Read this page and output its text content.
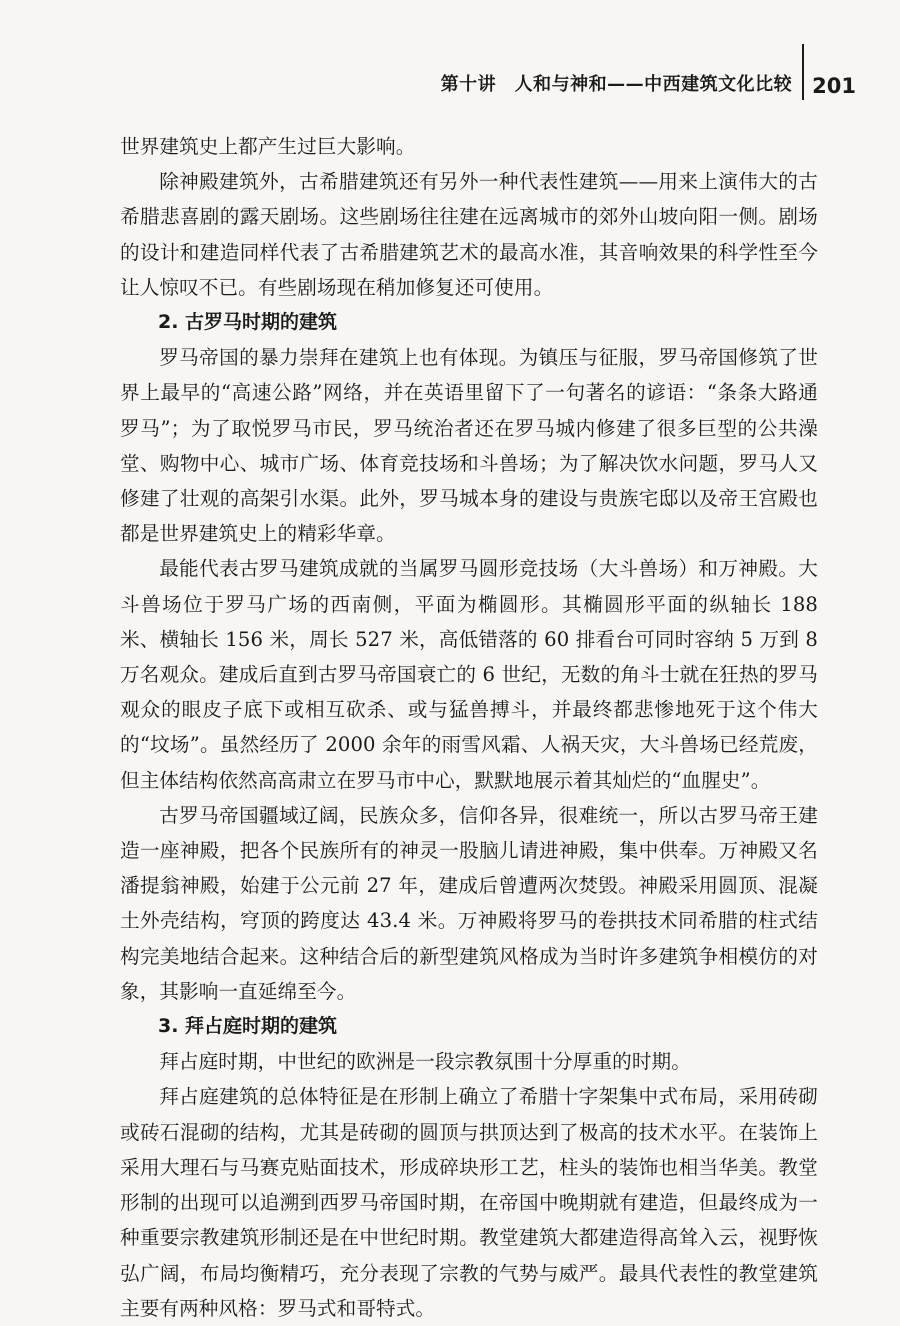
第十讲　人和与神和——中西建筑文化比较 201

世界建筑史上都产生过巨大影响。

除神殿建筑外，古希腊建筑还有另外一种代表性建筑——用来上演伟大的古希腊悲喜剧的露天剧场。这些剧场往往建在远离城市的郊外山坡向阳一侧。剧场的设计和建造同样代表了古希腊建筑艺术的最高水准，其音响效果的科学性至今让人惊叹不已。有些剧场现在稍加修复还可使用。

2. 古罗马时期的建筑

罗马帝国的暴力崇拜在建筑上也有体现。为镇压与征服，罗马帝国修筑了世界上最早的“高速公路”网络，并在英语里留下了一句著名的谚语：“条条大路通罗马”；为了取悦罗马市民，罗马统治者还在罗马城内修建了很多巨型的公共澡堂、购物中心、城市广场、体育竞技场和斗兽场；为了解决饮水问题，罗马人又修建了壮观的高架引水渠。此外，罗马城本身的建设与贵族宅邸以及帝王宫殿也都是世界建筑史上的精彩华章。

最能代表古罗马建筑成就的当属罗马圆形竞技场（大斗兽场）和万神殿。大斗兽场位于罗马广场的西南侧，平面为椭圆形。其椭圆形平面的纵轴长 188 米、横轴长 156 米，周长 527 米，高低错落的 60 排看台可同时容纳 5 万到 8 万名观众。建成后直到古罗马帝国衰亡的 6 世纪，无数的角斗士就在狂热的罗马观众的眼皮子底下或相互砍杀、或与猛兽搏斗，并最终都悲惨地死于这个伟大的“坟场”。虽然经历了 2000 余年的雨雪风霜、人祸天灾，大斗兽场已经荒废，但主体结构依然高高肃立在罗马市中心，默默地展示着其灿烂的“血腥史”。

古罗马帝国疆域辽阔，民族众多，信仰各异，很难统一，所以古罗马帝王建造一座神殿，把各个民族所有的神灵一股脑儿请进神殿，集中供奉。万神殿又名潘提翁神殿，始建于公元前 27 年，建成后曾遭两次焚毁。神殿采用圆顶、混凝土外壳结构，穹顶的跨度达 43.4 米。万神殿将罗马的卷拱技术同希腊的柱式结构完美地结合起来。这种结合后的新型建筑风格成为当时许多建筑争相模仿的对象，其影响一直延绵至今。

3. 拜占庭时期的建筑

拜占庭时期，中世纪的欧洲是一段宗教氛围十分厚重的时期。

拜占庭建筑的总体特征是在形制上确立了希腊十字架集中式布局，采用砖砌或砖石混砌的结构，尤其是砖砌的圆顶与拱顶达到了极高的技术水平。在装饰上采用大理石与马赛克贴面技术，形成碎块形工艺，柱头的装饰也相当华美。教堂形制的出现可以追溯到西罗马帝国时期，在帝国中晚期就有建造，但最终成为一种重要宗教建筑形制还是在中世纪时期。教堂建筑大都建造得高耸入云，视野恢弘广阔，布局均衡精巧，充分表现了宗教的气势与威严。最具代表性的教堂建筑主要有两种风格：罗马式和哥特式。
